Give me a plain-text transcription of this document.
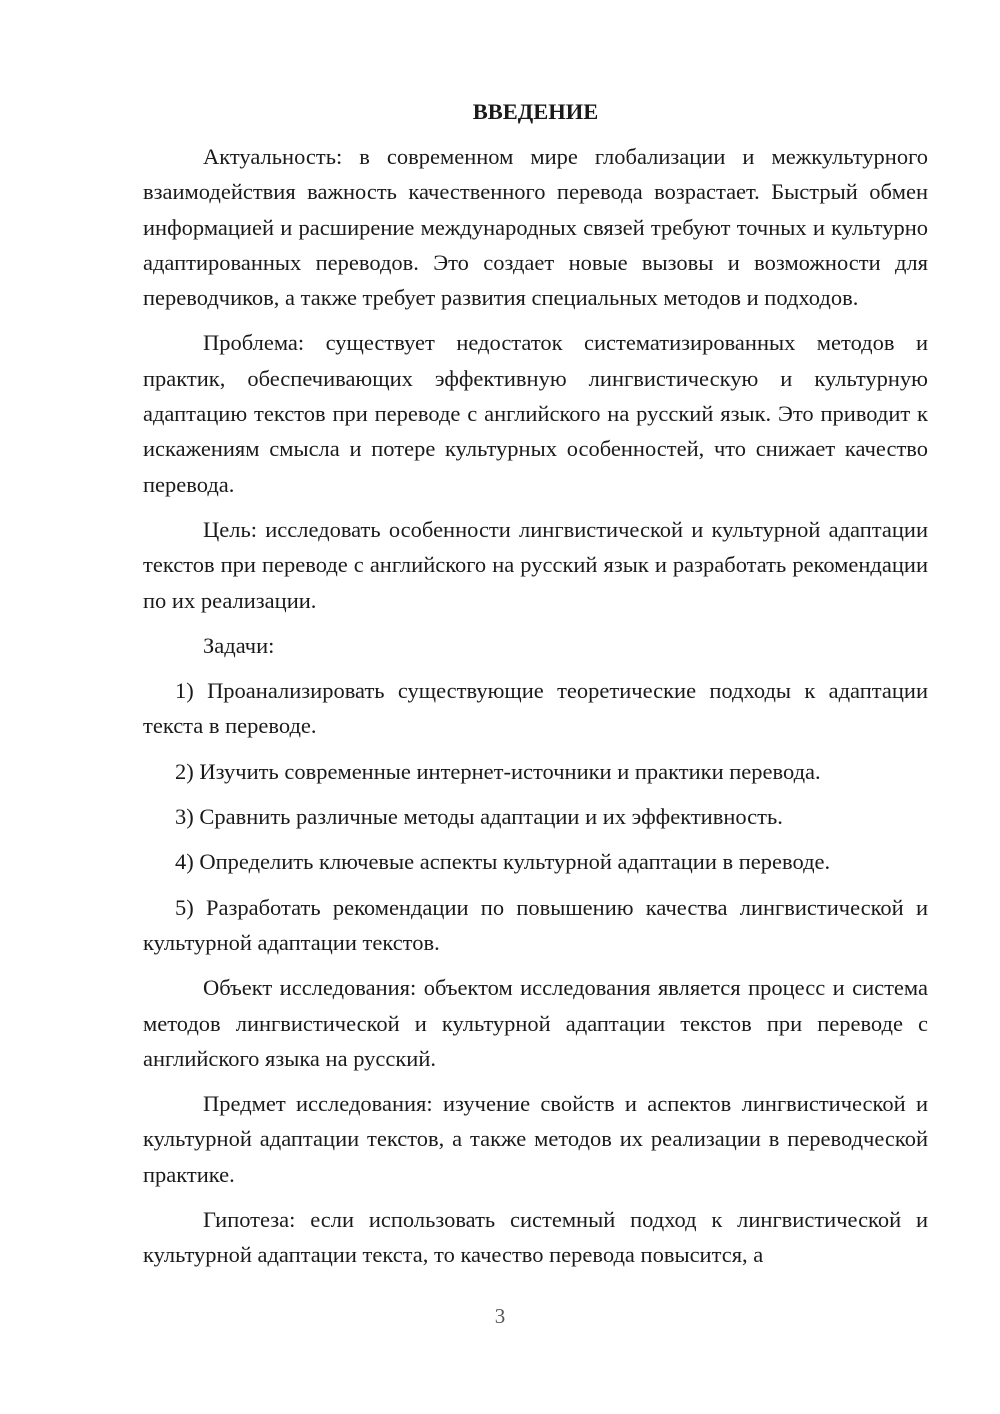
ВВЕДЕНИЕ

Актуальность: в современном мире глобализации и межкультурного взаимодействия важность качественного перевода возрастает. Быстрый обмен информацией и расширение международных связей требуют точных и культурно адаптированных переводов. Это создает новые вызовы и возможности для переводчиков, а также требует развития специальных методов и подходов.

Проблема: существует недостаток систематизированных методов и практик, обеспечивающих эффективную лингвистическую и культурную адаптацию текстов при переводе с английского на русский язык. Это приводит к искажениям смысла и потере культурных особенностей, что снижает качество перевода.

Цель: исследовать особенности лингвистической и культурной адаптации текстов при переводе с английского на русский язык и разработать рекомендации по их реализации.

Задачи:

1) Проанализировать существующие теоретические подходы к адаптации текста в переводе.

2) Изучить современные интернет-источники и практики перевода.

3) Сравнить различные методы адаптации и их эффективность.

4) Определить ключевые аспекты культурной адаптации в переводе.

5) Разработать рекомендации по повышению качества лингвистической и культурной адаптации текстов.

Объект исследования: объектом исследования является процесс и система методов лингвистической и культурной адаптации текстов при переводе с английского языка на русский.

Предмет исследования: изучение свойств и аспектов лингвистической и культурной адаптации текстов, а также методов их реализации в переводческой практике.

Гипотеза: если использовать системный подход к лингвистической и культурной адаптации текста, то качество перевода повысится, а

3
